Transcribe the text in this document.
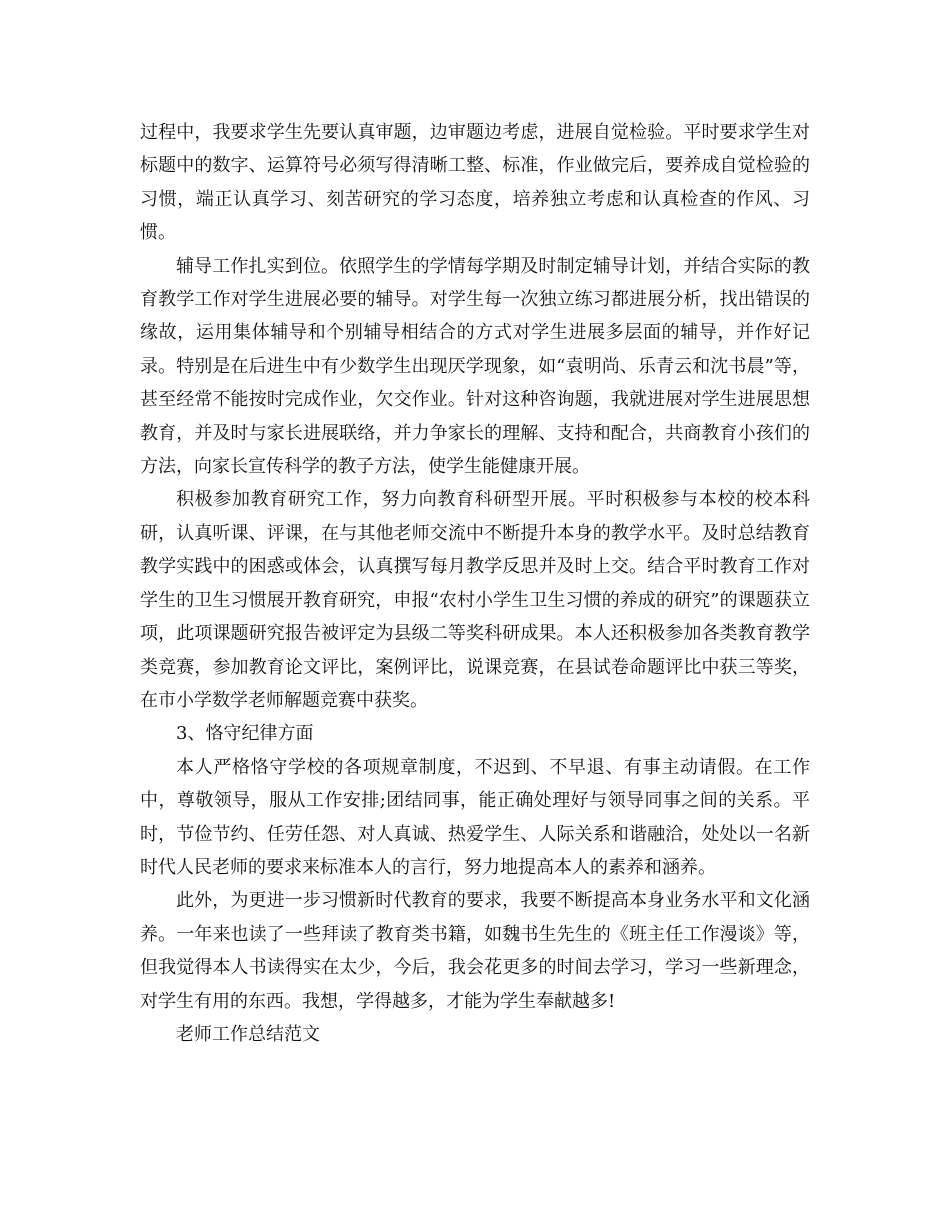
过程中，我要求学生先要认真审题，边审题边考虑，进展自觉检验。平时要求学生对标题中的数字、运算符号必须写得清晰工整、标准，作业做完后，要养成自觉检验的习惯，端正认真学习、刻苦研究的学习态度，培养独立考虑和认真检查的作风、习惯。

辅导工作扎实到位。依照学生的学情每学期及时制定辅导计划，并结合实际的教育教学工作对学生进展必要的辅导。对学生每一次独立练习都进展分析，找出错误的缘故，运用集体辅导和个别辅导相结合的方式对学生进展多层面的辅导，并作好记录。特别是在后进生中有少数学生出现厌学现象，如“袁明尚、乐青云和沈书晨”等，甚至经常不能按时完成作业，欠交作业。针对这种咨询题，我就进展对学生进展思想教育，并及时与家长进展联络，并力争家长的理解、支持和配合，共商教育小孩们的方法，向家长宣传科学的教子方法，使学生能健康开展。

积极参加教育研究工作，努力向教育科研型开展。平时积极参与本校的校本科研，认真听课、评课，在与其他老师交流中不断提升本身的教学水平。及时总结教育教学实践中的困惑或体会，认真撰写每月教学反思并及时上交。结合平时教育工作对学生的卫生习惯展开教育研究，申报“农村小学生卫生习惯的养成的研究”的课题获立项，此项课题研究报告被评定为县级二等奖科研成果。本人还积极参加各类教育教学类竞赛，参加教育论文评比，案例评比，说课竞赛，在县试卷命题评比中获三等奖，在市小学数学老师解题竞赛中获奖。

3、恪守纪律方面

本人严格恪守学校的各项规章制度，不迟到、不早退、有事主动请假。在工作中，尊敬领导，服从工作安排;团结同事，能正确处理好与领导同事之间的关系。平时，节俭节约、任劳任怨、对人真诚、热爱学生、人际关系和谐融洽，处处以一名新时代人民老师的要求来标准本人的言行，努力地提高本人的素养和涵养。

此外，为更进一步习惯新时代教育的要求，我要不断提高本身业务水平和文化涵养。一年来也读了一些拜读了教育类书籍，如魏书生先生的《班主任工作漫谈》等，但我觉得本人书读得实在太少，今后，我会花更多的时间去学习，学习一些新理念，对学生有用的东西。我想，学得越多，才能为学生奉献越多!

老师工作总结范文
